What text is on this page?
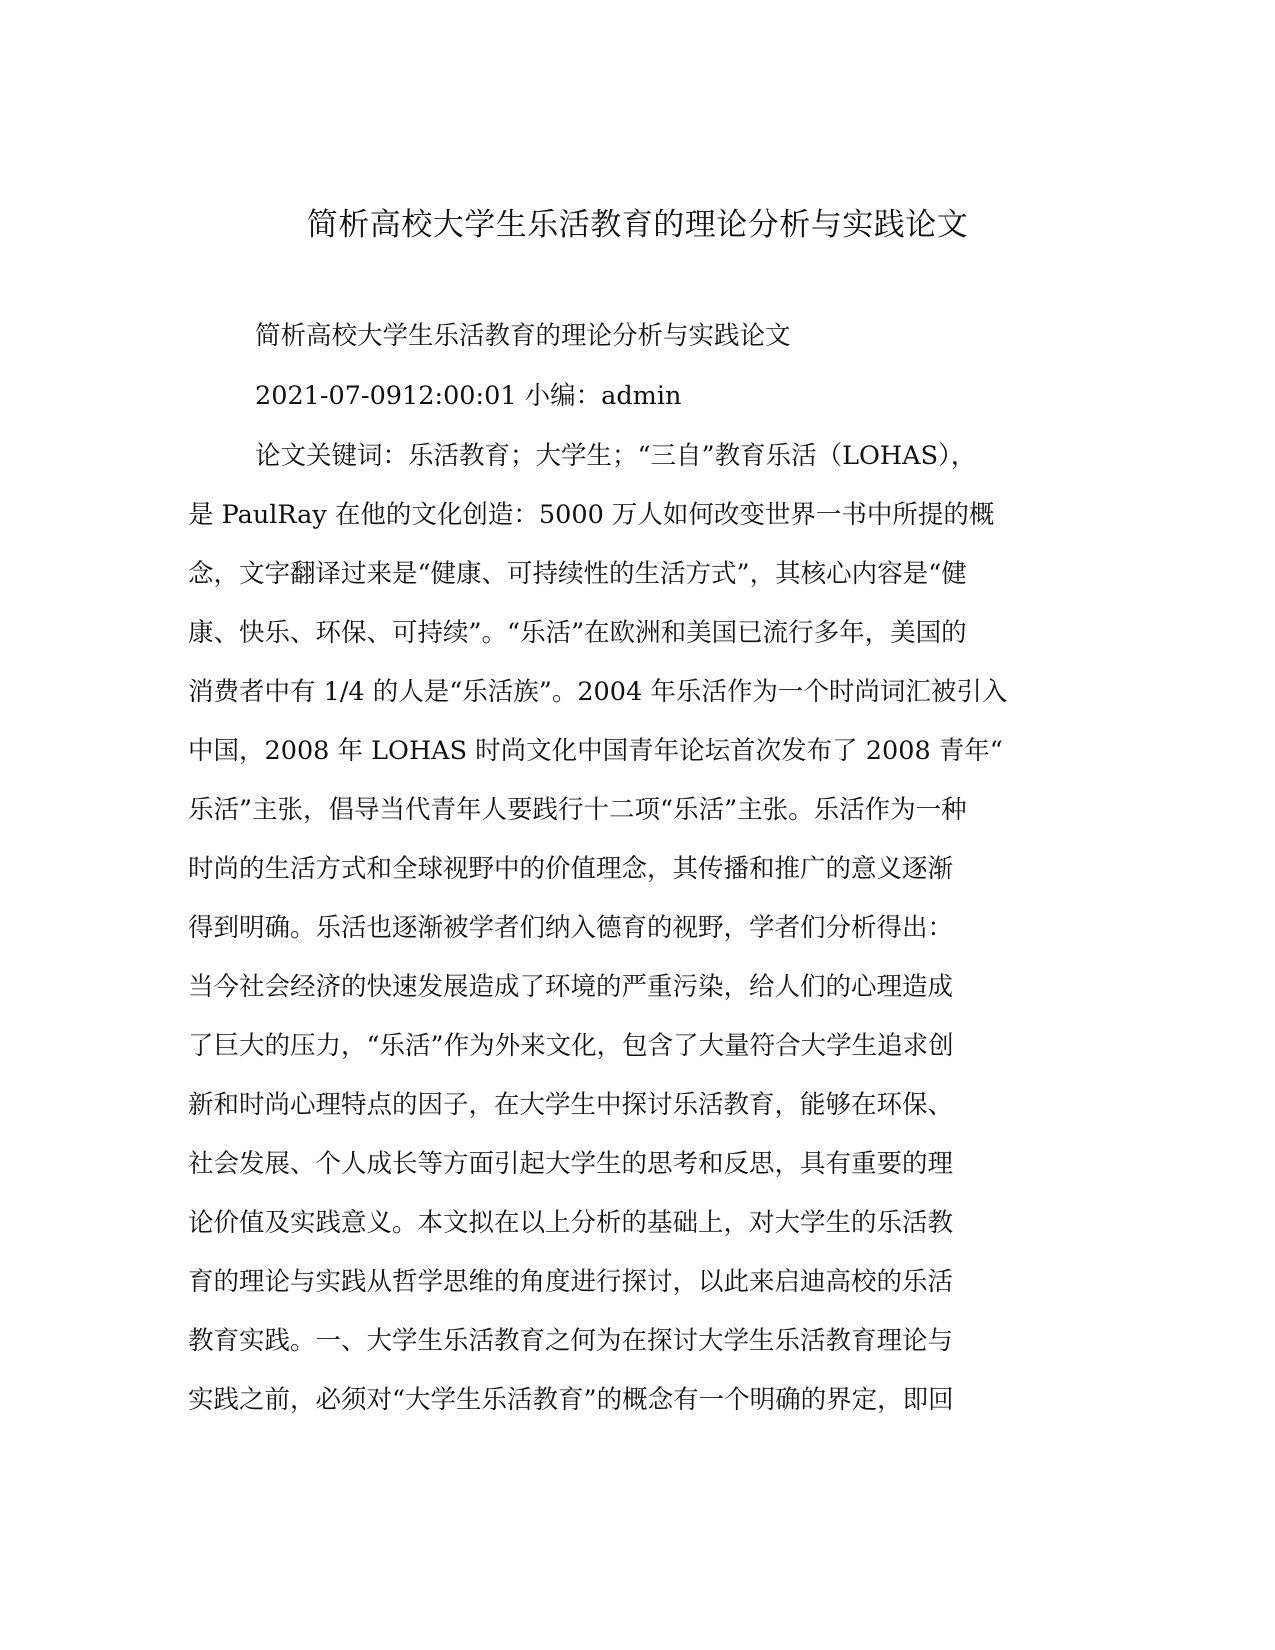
简析高校大学生乐活教育的理论分析与实践论文
简析高校大学生乐活教育的理论分析与实践论文
2021-07-0912:00:01 小编：admin
论文关键词：乐活教育；大学生；“三自”教育乐活（LOHAS），
是 PaulRay 在他的文化创造：5000 万人如何改变世界一书中所提的概
念，文字翻译过来是“健康、可持续性的生活方式”，其核心内容是“健
康、快乐、环保、可持续”。“乐活”在欧洲和美国已流行多年，美国的
消费者中有 1/4 的人是“乐活族”。2004 年乐活作为一个时尚词汇被引入
中国，2008 年 LOHAS 时尚文化中国青年论坛首次发布了 2008 青年“
乐活”主张，倡导当代青年人要践行十二项“乐活”主张。乐活作为一种
时尚的生活方式和全球视野中的价值理念，其传播和推广的意义逐渐
得到明确。乐活也逐渐被学者们纳入德育的视野，学者们分析得出：
当今社会经济的快速发展造成了环境的严重污染，给人们的心理造成
了巨大的压力，“乐活”作为外来文化，包含了大量符合大学生追求创
新和时尚心理特点的因子，在大学生中探讨乐活教育，能够在环保、
社会发展、个人成长等方面引起大学生的思考和反思，具有重要的理
论价值及实践意义。本文拟在以上分析的基础上，对大学生的乐活教
育的理论与实践从哲学思维的角度进行探讨，以此来启迪高校的乐活
教育实践。一、大学生乐活教育之何为在探讨大学生乐活教育理论与
实践之前，必须对“大学生乐活教育”的概念有一个明确的界定，即回
